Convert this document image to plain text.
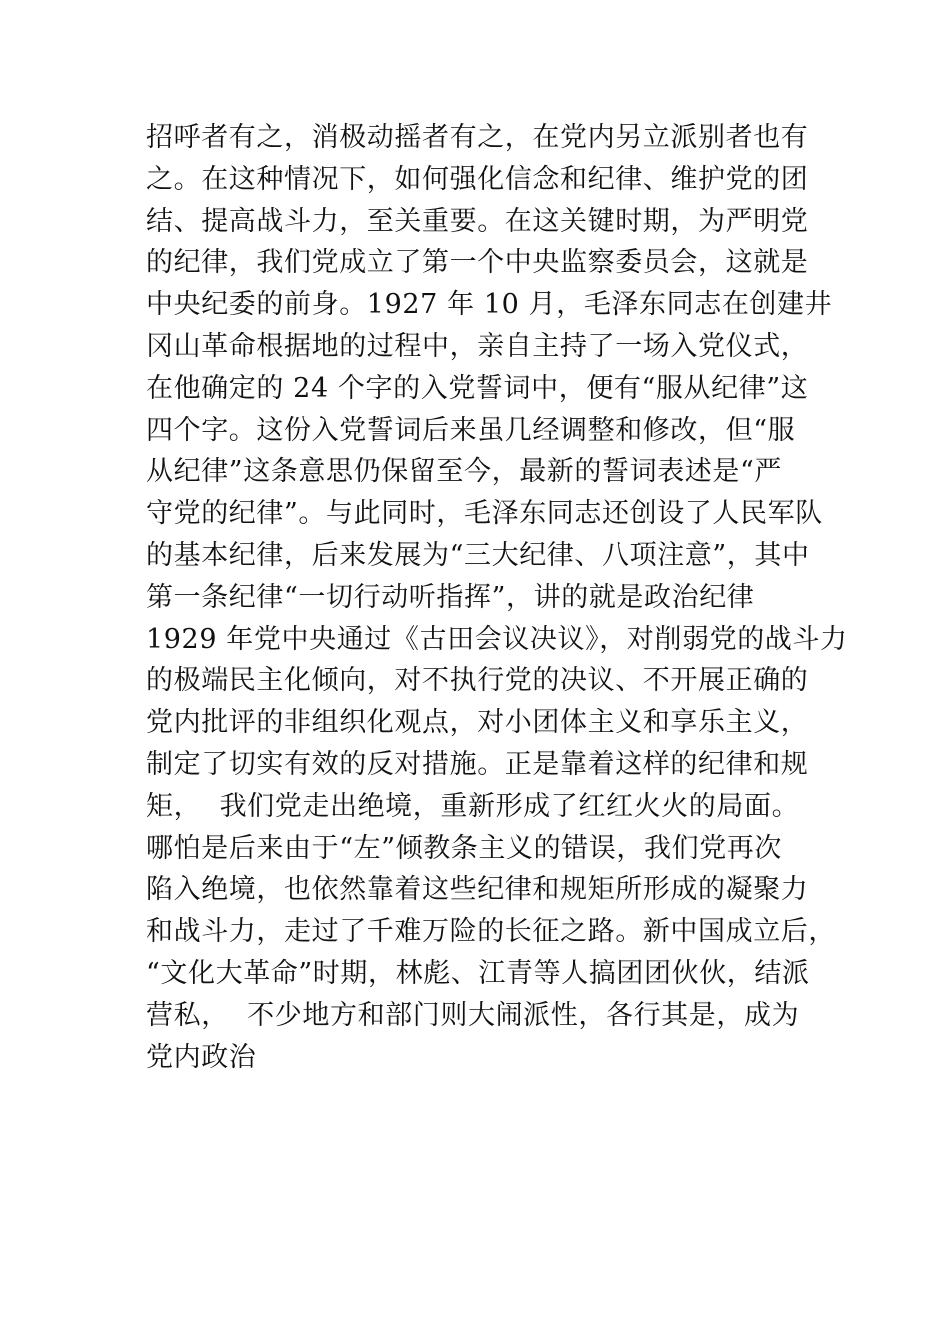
招呼者有之，消极动摇者有之，在党内另立派别者也有
之。在这种情况下，如何强化信念和纪律、维护党的团
结、提高战斗力，至关重要。在这关键时期，为严明党
的纪律，我们党成立了第一个中央监察委员会，这就是
中央纪委的前身。1927 年 10 月，毛泽东同志在创建井
冈山革命根据地的过程中，亲自主持了一场入党仪式，
在他确定的 24 个字的入党誓词中，便有“服从纪律”这
四个字。这份入党誓词后来虽几经调整和修改，但“服
从纪律”这条意思仍保留至今，最新的誓词表述是“严
守党的纪律”。与此同时，毛泽东同志还创设了人民军队
的基本纪律，后来发展为“三大纪律、八项注意”，其中
第一条纪律“一切行动听指挥”，讲的就是政治纪律
1929 年党中央通过《古田会议决议》，对削弱党的战斗力
的极端民主化倾向，对不执行党的决议、不开展正确的
党内批评的非组织化观点，对小团体主义和享乐主义，
制定了切实有效的反对措施。正是靠着这样的纪律和规
矩，  我们党走出绝境，重新形成了红红火火的局面。
哪怕是后来由于“左”倾教条主义的错误，我们党再次
陷入绝境，也依然靠着这些纪律和规矩所形成的凝聚力
和战斗力，走过了千难万险的长征之路。新中国成立后，
“文化大革命”时期，林彪、江青等人搞团团伙伙，结派
营私，  不少地方和部门则大闹派性，各行其是，成为
党内政治
